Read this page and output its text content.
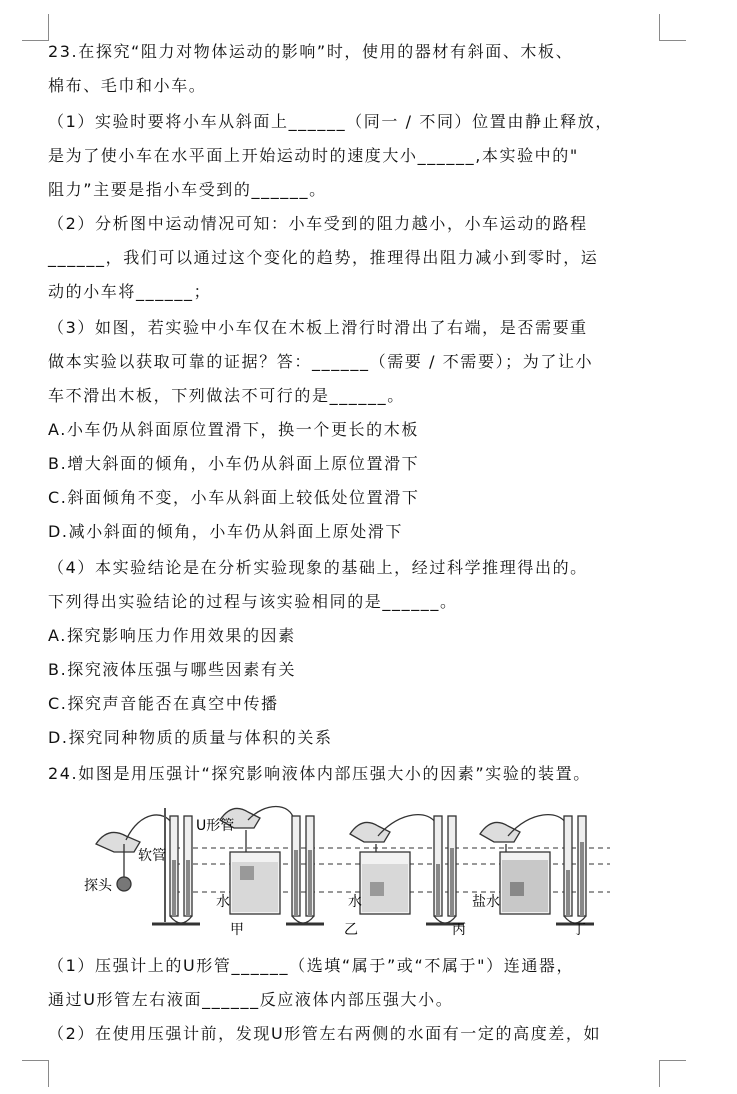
23.在探究“阻力对物体运动的影响”时，使用的器材有斜面、木板、
棉布、毛巾和小车。
（1）实验时要将小车从斜面上______（同一 / 不同）位置由静止释放，
是为了使小车在水平面上开始运动时的速度大小______,本实验中的"
阻力”主要是指小车受到的______。
（2）分析图中运动情况可知：小车受到的阻力越小，小车运动的路程
______，我们可以通过这个变化的趋势，推理得出阻力减小到零时，运
动的小车将______；
（3）如图，若实验中小车仅在木板上滑行时滑出了右端，是否需要重
做本实验以获取可靠的证据？答：______（需要 / 不需要）；为了让小
车不滑出木板，下列做法不可行的是______。
A.小车仍从斜面原位置滑下，换一个更长的木板
B.增大斜面的倾角，小车仍从斜面上原位置滑下
C.斜面倾角不变，小车从斜面上较低处位置滑下
D.减小斜面的倾角，小车仍从斜面上原处滑下
（4）本实验结论是在分析实验现象的基础上，经过科学推理得出的。
下列得出实验结论的过程与该实验相同的是______。
A.探究影响压力作用效果的因素
B.探究液体压强与哪些因素有关
C.探究声音能否在真空中传播
D.探究同种物质的质量与体积的关系
24.如图是用压强计“探究影响液体内部压强大小的因素”实验的装置。
U形管
软管
探头
水	水	盐水
甲	乙	丙	丁
（1）压强计上的U形管______（选填“属于”或“不属于"）连通器，
通过U形管左右液面______反应液体内部压强大小。
（2）在使用压强计前，发现U形管左右两侧的水面有一定的高度差，如
